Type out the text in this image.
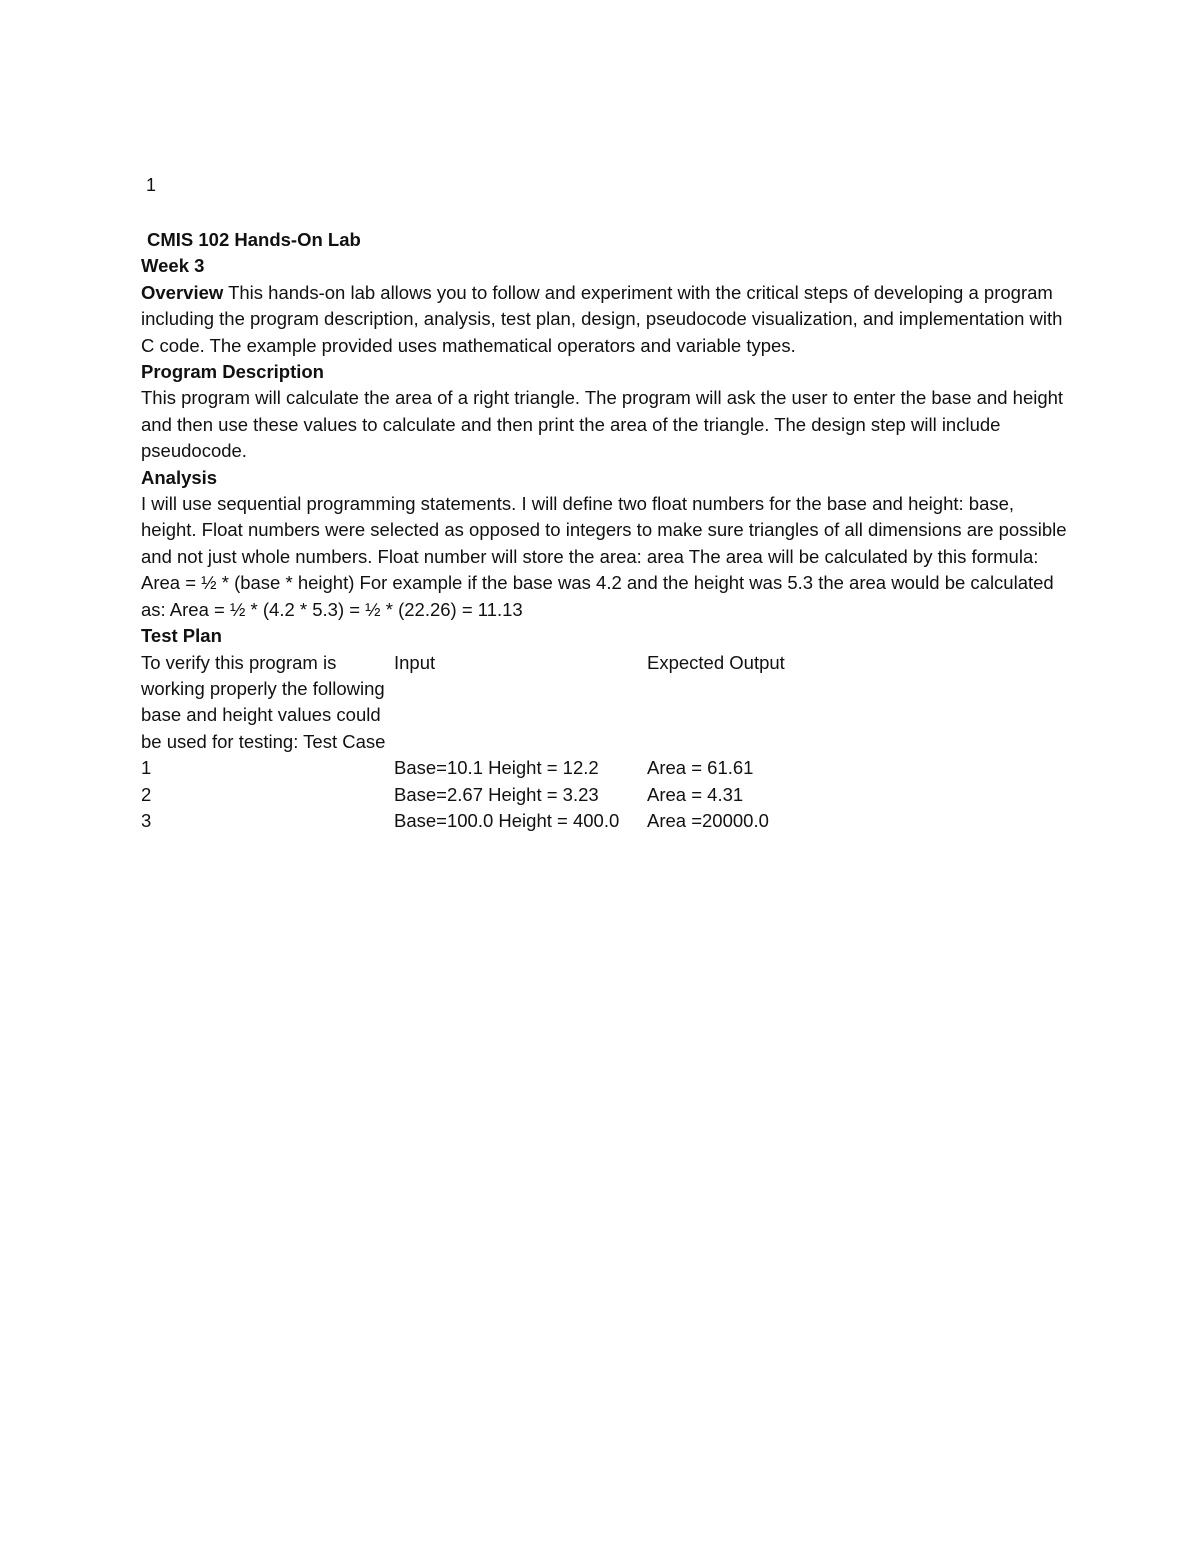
1

CMIS 102 Hands-On Lab

Week 3

Overview This hands-on lab allows you to follow and experiment with the critical steps of developing a program including the program description, analysis, test plan, design, pseudocode visualization, and implementation with C code. The example provided uses mathematical operators and variable types.

Program Description

This program will calculate the area of a right triangle. The program will ask the user to enter the base and height and then use these values to calculate and then print the area of the triangle. The design step will include pseudocode.

Analysis

I will use sequential programming statements. I will define two float numbers for the base and height: base, height. Float numbers were selected as opposed to integers to make sure triangles of all dimensions are possible and not just whole numbers. Float number will store the area: area The area will be calculated by this formula: Area = ½ * (base * height) For example if the base was 4.2 and the height was 5.3 the area would be calculated as: Area = ½ * (4.2 * 5.3) = ½ * (22.26) = 11.13

Test Plan

To verify this program is working properly the following base and height values could be used for testing: Test Case	Input	Expected Output
1	Base=10.1 Height = 12.2	Area = 61.61
2	Base=2.67 Height = 3.23	Area = 4.31
3	Base=100.0 Height = 400.0	Area =20000.0
